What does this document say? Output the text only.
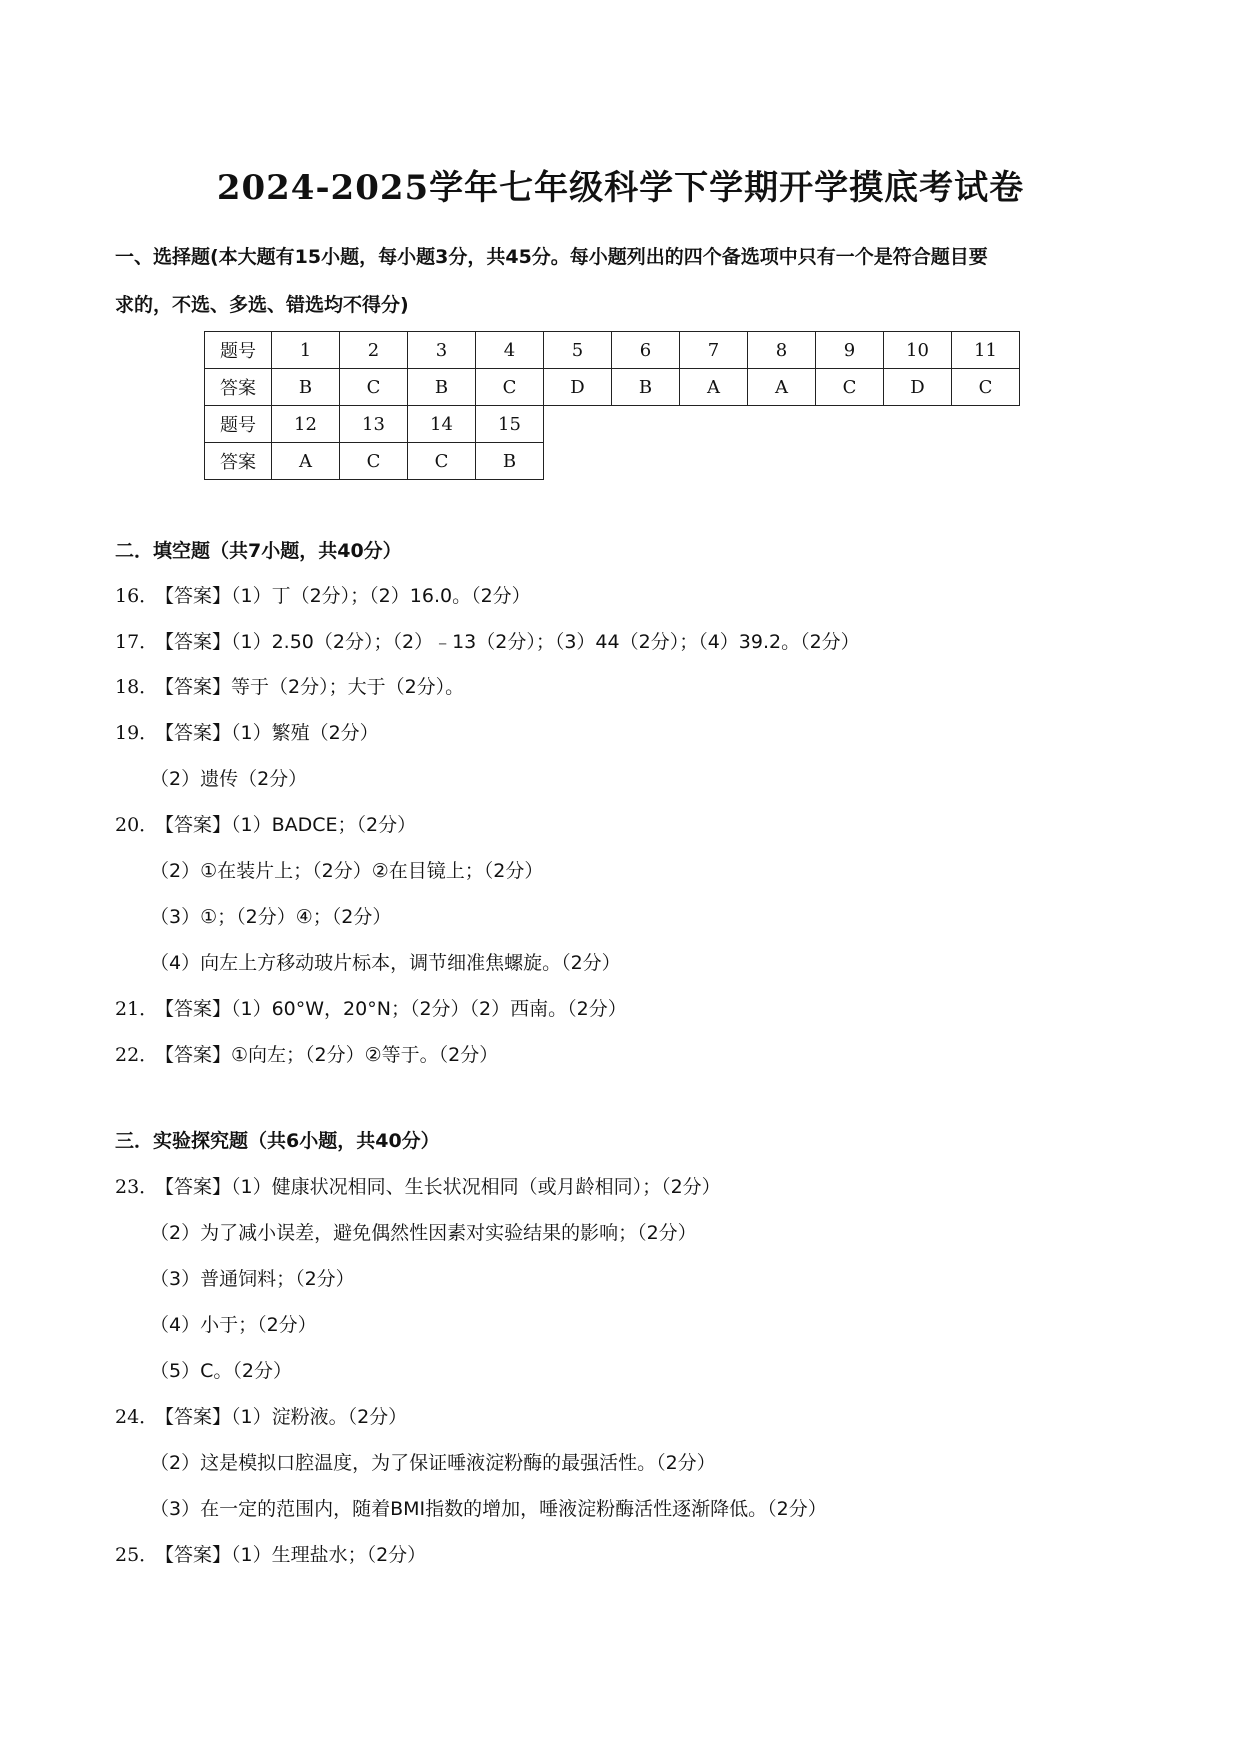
2024-2025学年七年级科学下学期开学摸底考试卷
一、选择题(本大题有15小题，每小题3分，共45分。每小题列出的四个备选项中只有一个是符合题目要
求的，不选、多选、错选均不得分)
题号	1	2	3	4	5	6	7	8	9	10	11
答案	B	C	B	C	D	B	A	A	C	D	C
题号	12	13	14	15							
答案	A	C	C	B							
二．填空题（共7小题，共40分）
16．【答案】（1）丁（2分）；（2）16.0。（2分）
17．【答案】（1）2.50（2分）；（2）﹣13（2分）；（3）44（2分）；（4）39.2。（2分）
18．【答案】等于（2分）；大于（2分）。
19．【答案】（1）繁殖（2分）
（2）遗传（2分）
20．【答案】（1）BADCE；（2分）
（2）①在装片上；（2分）②在目镜上；（2分）
（3）①；（2分）④；（2分）
（4）向左上方移动玻片标本，调节细准焦螺旋。（2分）
21．【答案】（1）60°W，20°N；（2分）（2）西南。（2分）
22．【答案】①向左；（2分）②等于。（2分）
三．实验探究题（共6小题，共40分）
23．【答案】（1）健康状况相同、生长状况相同（或月龄相同）；（2分）
（2）为了减小误差，避免偶然性因素对实验结果的影响；（2分）
（3）普通饲料；（2分）
（4）小于；（2分）
（5）C。（2分）
24．【答案】（1）淀粉液。（2分）
（2）这是模拟口腔温度，为了保证唾液淀粉酶的最强活性。（2分）
（3）在一定的范围内，随着BMI指数的增加，唾液淀粉酶活性逐渐降低。（2分）
25．【答案】（1）生理盐水；（2分）
